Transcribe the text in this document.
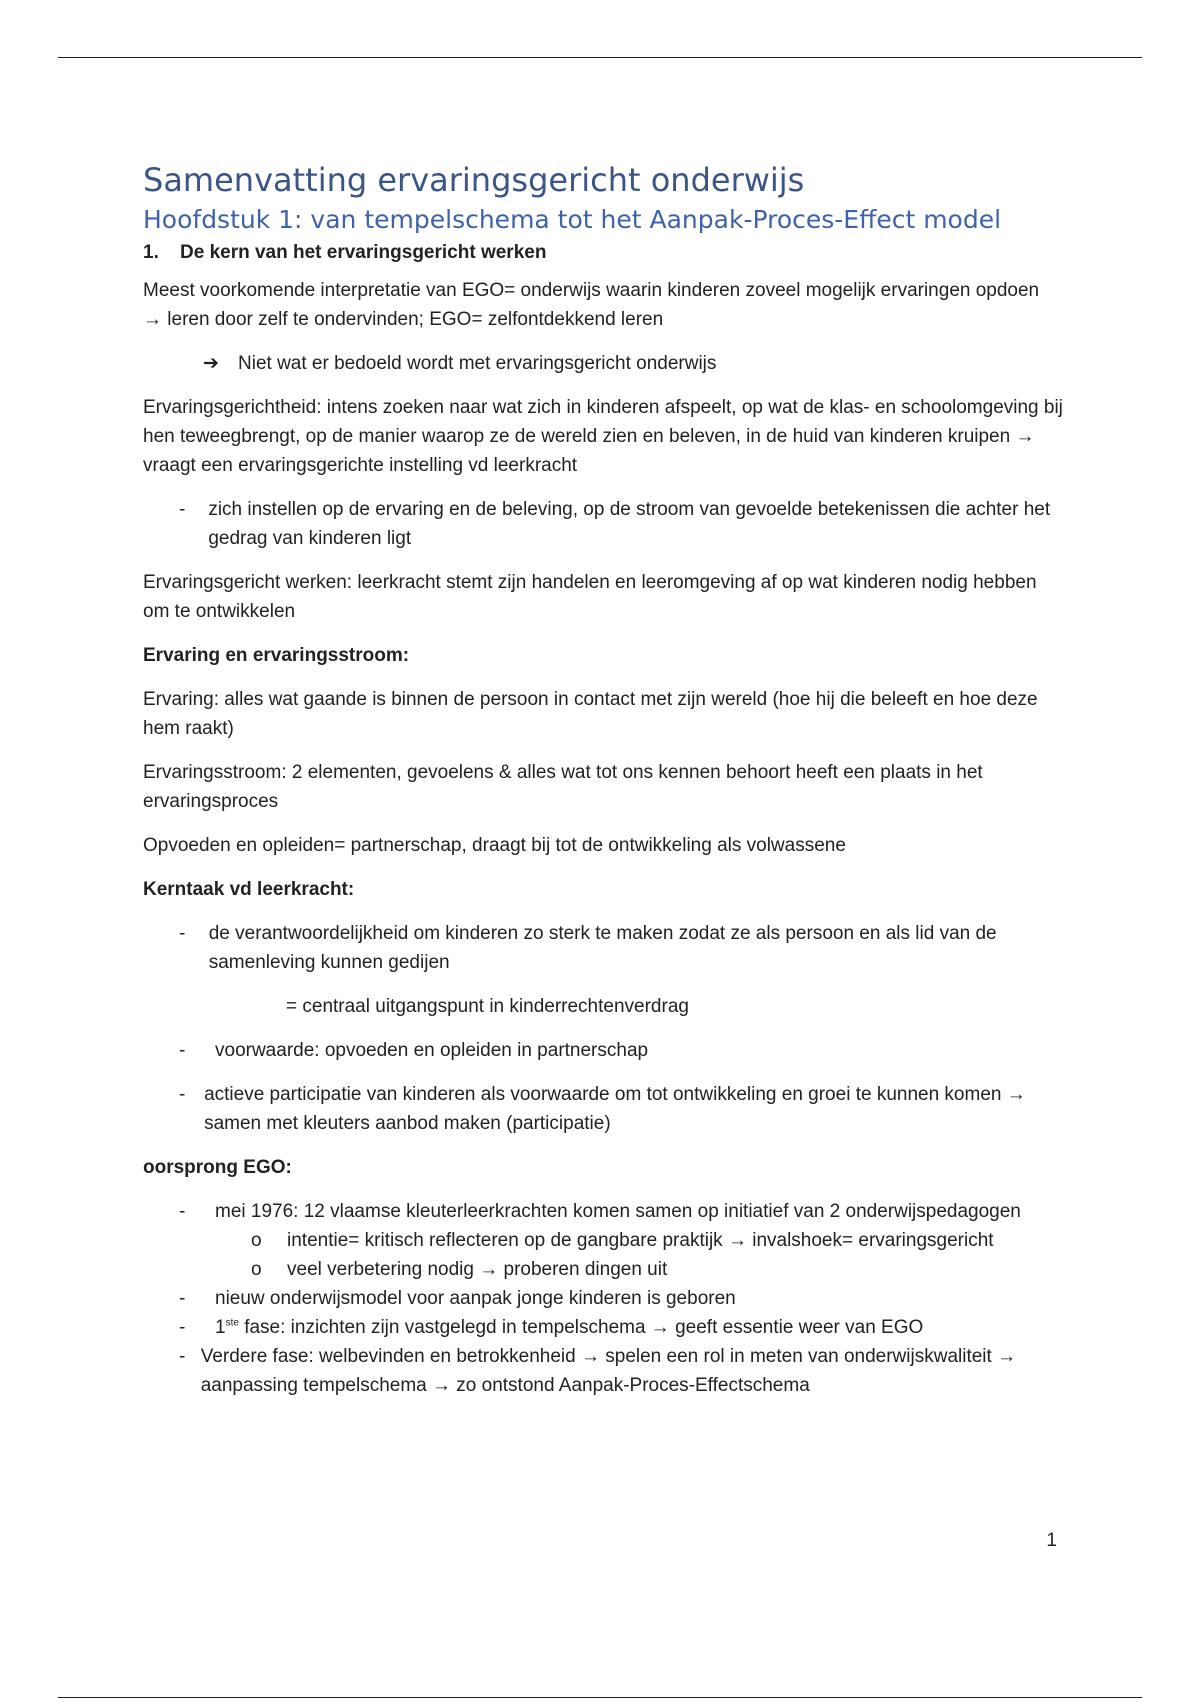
Samenvatting ervaringsgericht onderwijs
Hoofdstuk 1: van tempelschema tot het Aanpak-Proces-Effect model
1.	De kern van het ervaringsgericht werken

Meest voorkomende interpretatie van EGO= onderwijs waarin kinderen zoveel mogelijk ervaringen opdoen → leren door zelf te ondervinden; EGO= zelfontdekkend leren

➔	Niet wat er bedoeld wordt met ervaringsgericht onderwijs

Ervaringsgerichtheid: intens zoeken naar wat zich in kinderen afspeelt, op wat de klas- en schoolomgeving bij hen teweegbrengt, op de manier waarop ze de wereld zien en beleven, in de huid van kinderen kruipen → vraagt een ervaringsgerichte instelling vd leerkracht

-	zich instellen op de ervaring en de beleving, op de stroom van gevoelde betekenissen die achter het gedrag van kinderen ligt

Ervaringsgericht werken: leerkracht stemt zijn handelen en leeromgeving af op wat kinderen nodig hebben om te ontwikkelen

Ervaring en ervaringsstroom:

Ervaring: alles wat gaande is binnen de persoon in contact met zijn wereld (hoe hij die beleeft en hoe deze hem raakt)

Ervaringsstroom: 2 elementen, gevoelens & alles wat tot ons kennen behoort heeft een plaats in het ervaringsproces

Opvoeden en opleiden= partnerschap, draagt bij tot de ontwikkeling als volwassene

Kerntaak vd leerkracht:

-	de verantwoordelijkheid om kinderen zo sterk te maken zodat ze als persoon en als lid van de samenleving kunnen gedijen
= centraal uitgangspunt in kinderrechtenverdrag
-	voorwaarde: opvoeden en opleiden in partnerschap
- actieve participatie van kinderen als voorwaarde om tot ontwikkeling en groei te kunnen komen → samen met kleuters aanbod maken (participatie)

oorsprong EGO:

-	mei 1976: 12 vlaamse kleuterleerkrachten komen samen op initiatief van 2 onderwijspedagogen
o	intentie= kritisch reflecteren op de gangbare praktijk → invalshoek= ervaringsgericht
o	veel verbetering nodig → proberen dingen uit
-	nieuw onderwijsmodel voor aanpak jonge kinderen is geboren
-	1ste fase: inzichten zijn vastgelegd in tempelschema → geeft essentie weer van EGO
- Verdere fase: welbevinden en betrokkenheid → spelen een rol in meten van onderwijskwaliteit → aanpassing tempelschema → zo ontstond Aanpak-Proces-Effectschema
1
